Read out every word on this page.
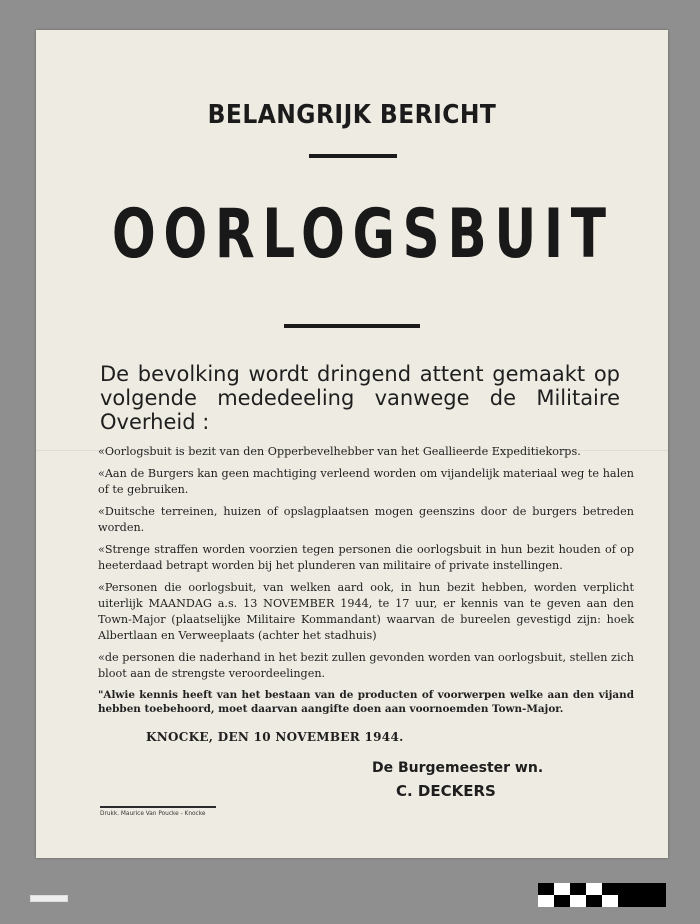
BELANGRIJK BERICHT
OORLOGSBUIT
De bevolking wordt dringend attent gemaakt op volgende mededeeling vanwege de Militaire Overheid :

«Oorlogsbuit is bezit van den Opperbevelhebber van het Geallieerde Expeditiekorps.

«Aan de Burgers kan geen machtiging verleend worden om vijandelijk materiaal weg te halen of te gebruiken.

«Duitsche terreinen, huizen of opslagplaatsen mogen geenszins door de burgers betreden worden.

«Strenge straffen worden voorzien tegen personen die oorlogsbuit in hun bezit houden of op heeterdaad betrapt worden bij het plunderen van militaire of private instellingen.

«Personen die oorlogsbuit, van welken aard ook, in hun bezit hebben, worden verplicht uiterlijk MAANDAG a.s. 13 NOVEMBER 1944, te 17 uur, er kennis van te geven aan den Town-Major (plaatselijke Militaire Kommandant) waarvan de bureelen gevestigd zijn: hoek Albertlaan en Verweeplaats (achter het stadhuis)

«de personen die naderhand in het bezit zullen gevonden worden van oorlogsbuit, stellen zich bloot aan de strengste veroordeelingen.

"Alwie kennis heeft van het bestaan van de producten of voorwerpen welke aan den vijand hebben toebehoord, moet daarvan aangifte doen aan voornoemden Town-Major.

KNOCKE, DEN 10 NOVEMBER 1944.
De Burgemeester wn.
C. DECKERS
Drukk. Maurice Van Poucke - Knocke
